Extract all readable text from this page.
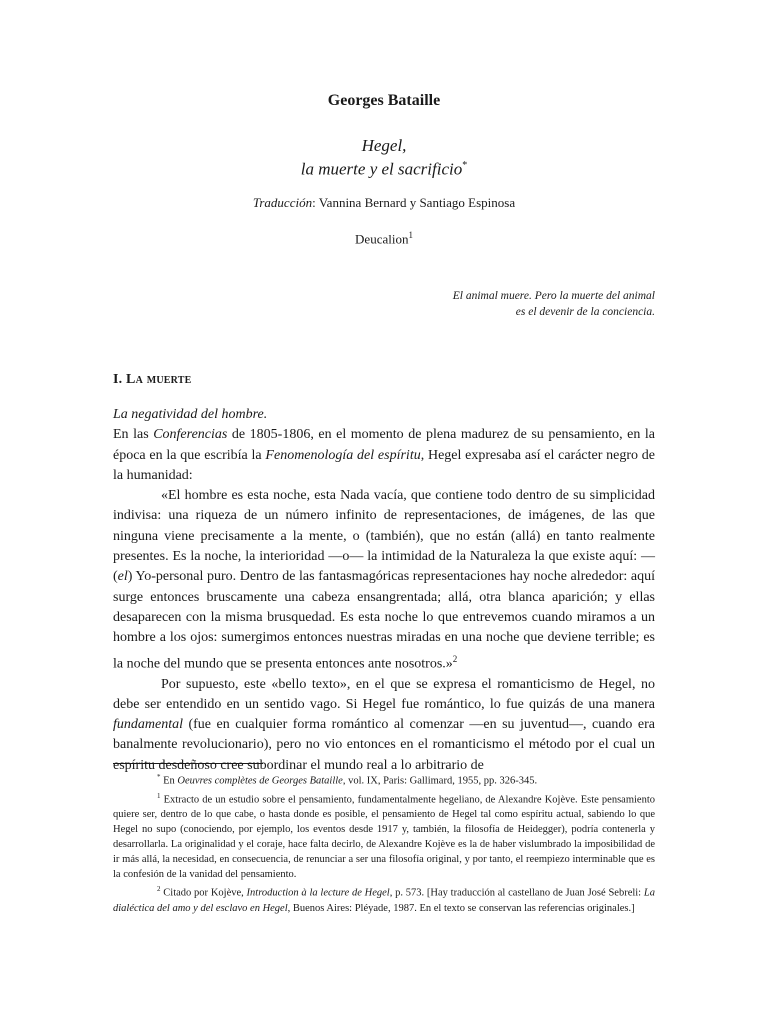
Georges Bataille
Hegel,
la muerte y el sacrificio*
Traducción: Vannina Bernard y Santiago Espinosa
Deucalion$^1$
El animal muere. Pero la muerte del animal
es el devenir de la conciencia.
I. La muerte

La negatividad del hombre.

En las Conferencias de 1805-1806, en el momento de plena madurez de su pensamiento, en la época en la que escribía la Fenomenología del espíritu, Hegel expresaba así el carácter negro de la humanidad:

«El hombre es esta noche, esta Nada vacía, que contiene todo dentro de su simplicidad indivisa: una riqueza de un número infinito de representaciones, de imágenes, de las que ninguna viene precisamente a la mente, o (también), que no están (allá) en tanto realmente presentes. Es la noche, la interioridad —o— la intimidad de la Naturaleza la que existe aquí: —(el) Yo-personal puro. Dentro de las fantasmagóricas representaciones hay noche alrededor: aquí surge entonces bruscamente una cabeza ensangrentada; allá, otra blanca aparición; y ellas desaparecen con la misma brusquedad. Es esta noche lo que entrevemos cuando miramos a un hombre a los ojos: sumergimos entonces nuestras miradas en una noche que deviene terrible; es la noche del mundo que se presenta entonces ante nosotros.»$^2$

Por supuesto, este «bello texto», en el que se expresa el romanticismo de Hegel, no debe ser entendido en un sentido vago. Si Hegel fue romántico, lo fue quizás de una manera fundamental (fue en cualquier forma romántico al comenzar —en su juventud—, cuando era banalmente revolucionario), pero no vio entonces en el romanticismo el método por el cual un espíritu desdeñoso cree subordinar el mundo real a lo arbitrario de

* En Oeuvres complètes de Georges Bataille, vol. IX, Paris: Gallimard, 1955, pp. 326-345.

$^1$ Extracto de un estudio sobre el pensamiento, fundamentalmente hegeliano, de Alexandre Kojève. Este pensamiento quiere ser, dentro de lo que cabe, o hasta donde es posible, el pensamiento de Hegel tal como espíritu actual, sabiendo lo que Hegel no supo (conociendo, por ejemplo, los eventos desde 1917 y, también, la filosofía de Heidegger), podría contenerla y desarrollarla. La originalidad y el coraje, hace falta decirlo, de Alexandre Kojève es la de haber vislumbrado la imposibilidad de ir más allá, la necesidad, en consecuencia, de renunciar a ser una filosofía original, y por tanto, el reempiezo interminable que es la confesión de la vanidad del pensamiento.

$^2$ Citado por Kojève, Introduction à la lecture de Hegel, p. 573. [Hay traducción al castellano de Juan José Sebreli: La dialéctica del amo y del esclavo en Hegel, Buenos Aires: Pléyade, 1987. En el texto se conservan las referencias originales.]
